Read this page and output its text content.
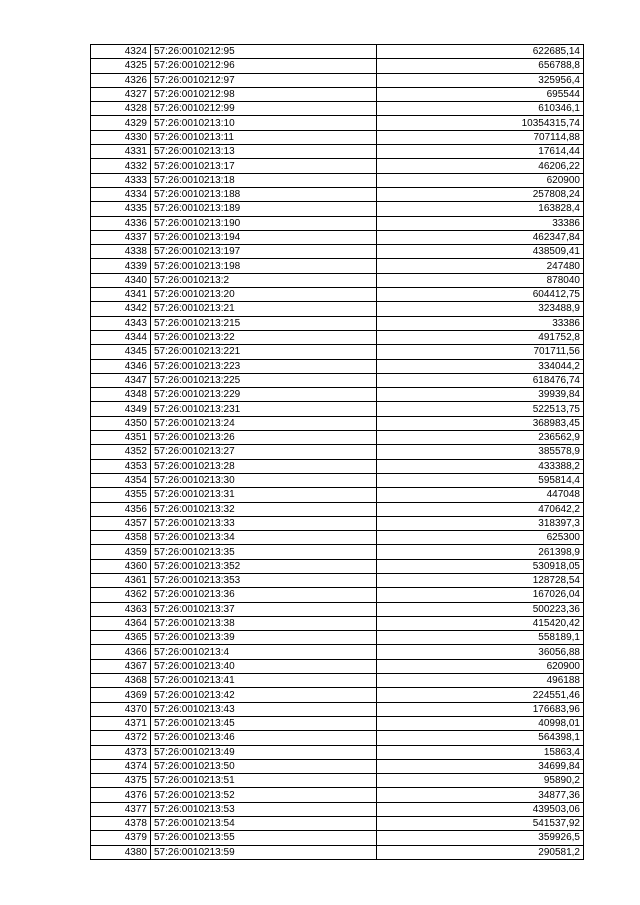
4324	57:26:0010212:95	622685,14
4325	57:26:0010212:96	656788,8
4326	57:26:0010212:97	325956,4
4327	57:26:0010212:98	695544
4328	57:26:0010212:99	610346,1
4329	57:26:0010213:10	10354315,74
4330	57:26:0010213:11	707114,88
4331	57:26:0010213:13	17614,44
4332	57:26:0010213:17	46206,22
4333	57:26:0010213:18	620900
4334	57:26:0010213:188	257808,24
4335	57:26:0010213:189	163828,4
4336	57:26:0010213:190	33386
4337	57:26:0010213:194	462347,84
4338	57:26:0010213:197	438509,41
4339	57:26:0010213:198	247480
4340	57:26:0010213:2	878040
4341	57:26:0010213:20	604412,75
4342	57:26:0010213:21	323488,9
4343	57:26:0010213:215	33386
4344	57:26:0010213:22	491752,8
4345	57:26:0010213:221	701711,56
4346	57:26:0010213:223	334044,2
4347	57:26:0010213:225	618476,74
4348	57:26:0010213:229	39939,84
4349	57:26:0010213:231	522513,75
4350	57:26:0010213:24	368983,45
4351	57:26:0010213:26	236562,9
4352	57:26:0010213:27	385578,9
4353	57:26:0010213:28	433388,2
4354	57:26:0010213:30	595814,4
4355	57:26:0010213:31	447048
4356	57:26:0010213:32	470642,2
4357	57:26:0010213:33	318397,3
4358	57:26:0010213:34	625300
4359	57:26:0010213:35	261398,9
4360	57:26:0010213:352	530918,05
4361	57:26:0010213:353	128728,54
4362	57:26:0010213:36	167026,04
4363	57:26:0010213:37	500223,36
4364	57:26:0010213:38	415420,42
4365	57:26:0010213:39	558189,1
4366	57:26:0010213:4	36056,88
4367	57:26:0010213:40	620900
4368	57:26:0010213:41	496188
4369	57:26:0010213:42	224551,46
4370	57:26:0010213:43	176683,96
4371	57:26:0010213:45	40998,01
4372	57:26:0010213:46	564398,1
4373	57:26:0010213:49	15863,4
4374	57:26:0010213:50	34699,84
4375	57:26:0010213:51	95890,2
4376	57:26:0010213:52	34877,36
4377	57:26:0010213:53	439503,06
4378	57:26:0010213:54	541537,92
4379	57:26:0010213:55	359926,5
4380	57:26:0010213:59	290581,2
